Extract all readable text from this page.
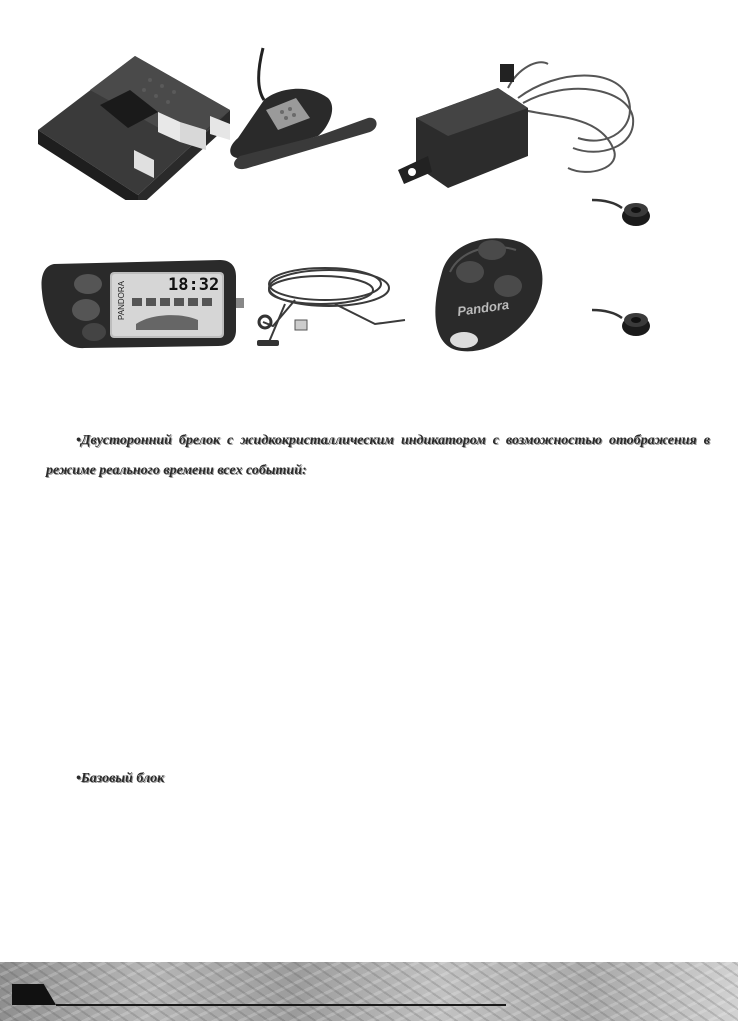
PANDORA 18:32
Pandora
•Двусторонний брелок с жидкокристаллическим индикатором с возможностью отображения в режиме реального времени всех событий:
•Базовый блок
